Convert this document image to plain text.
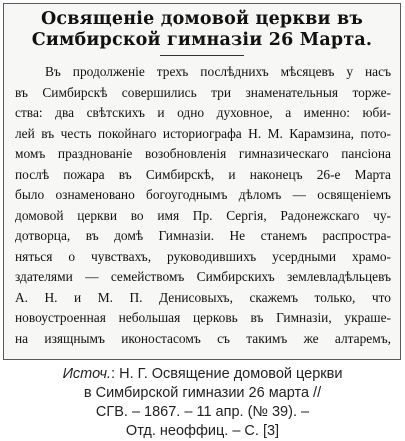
Освященіе домовой церкви въ
Симбирской гимназіи 26 Марта.
Въ продолженіе трехъ послѣднихъ мѣсяцевъ у насъ
въ Симбирскѣ совершились три знаменательныя торже-
ства: два свѣтскихъ и одно духовное, а именно: юби-
лей въ честь покойнаго историографа Н. М. Карамзина, пото-
момъ празднованіе возобновленія гимназическаго пансіона
послѣ пожара въ Симбирскѣ, и наконецъ 26-е Марта
было ознаменовано богоугоднымъ дѣломъ — освященіемъ
домовой церкви во имя Пр. Сергія, Радонежскаго чу-
дотворца, въ домѣ Гимназіи. Не станемъ распростра-
няться о чувствахъ, руководившихъ усердными храмо-
здателями — семействомъ Симбирскихъ землевладѣльцевъ
А. Н. и М. П. Денисовыхъ, скажемъ только, что
новоустроенная небольшая церковь въ Гимназіи, украше-
на изящнымъ иконостасомъ съ такимъ же алтаремъ,
Источ.: Н. Г. Освящение домовой церкви
в Симбирской гимназии 26 марта //
СГВ. – 1867. – 11 апр. (№ 39). –
Отд. неоффиц. – С. [3]
